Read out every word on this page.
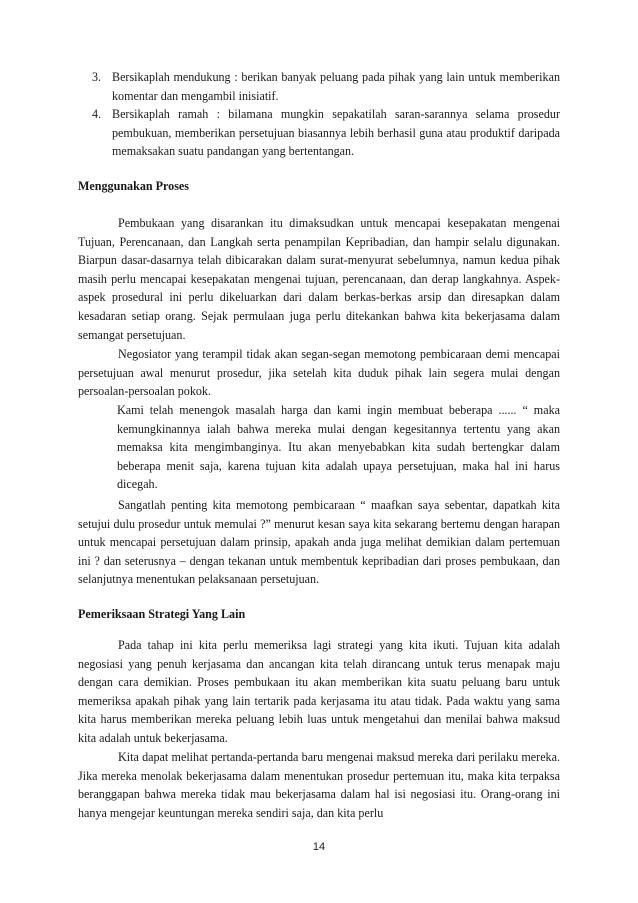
3. Bersikaplah mendukung : berikan banyak peluang pada pihak yang lain untuk memberikan komentar dan mengambil inisiatif.
4. Bersikaplah ramah : bilamana mungkin sepakatilah saran-sarannya selama prosedur pembukuan, memberikan persetujuan biasannya lebih berhasil guna atau produktif daripada memaksakan suatu pandangan yang bertentangan.
Menggunakan Proses

Pembukaan yang disarankan itu dimaksudkan untuk mencapai kesepakatan mengenai Tujuan, Perencanaan, dan Langkah serta penampilan Kepribadian, dan hampir selalu digunakan. Biarpun dasar-dasarnya telah dibicarakan dalam surat-menyurat sebelumnya, namun kedua pihak masih perlu mencapai kesepakatan mengenai tujuan, perencanaan, dan derap langkahnya. Aspek-aspek prosedural ini perlu dikeluarkan dari dalam berkas-berkas arsip dan diresapkan dalam kesadaran setiap orang. Sejak permulaan juga perlu ditekankan bahwa kita bekerjasama dalam semangat persetujuan.

Negosiator yang terampil tidak akan segan-segan memotong pembicaraan demi mencapai persetujuan awal menurut prosedur, jika setelah kita duduk pihak lain segera mulai dengan persoalan-persoalan pokok.

Kami telah menengok masalah harga dan kami ingin membuat beberapa ...... “ maka kemungkinannya ialah bahwa mereka mulai dengan kegesitannya tertentu yang akan memaksa kita mengimbanginya. Itu akan menyebabkan kita sudah bertengkar dalam beberapa menit saja, karena tujuan kita adalah upaya persetujuan, maka hal ini harus dicegah.

Sangatlah penting kita memotong pembicaraan “ maafkan saya sebentar, dapatkah kita setujui dulu prosedur untuk memulai ?” menurut kesan saya kita sekarang bertemu dengan harapan untuk mencapai persetujuan dalam prinsip, apakah anda juga melihat demikian dalam pertemuan ini ? dan seterusnya – dengan tekanan untuk membentuk kepribadian dari proses pembukaan, dan selanjutnya menentukan pelaksanaan persetujuan.

Pemeriksaan Strategi Yang Lain

Pada tahap ini kita perlu memeriksa lagi strategi yang kita ikuti. Tujuan kita adalah negosiasi yang penuh kerjasama dan ancangan kita telah dirancang untuk terus menapak maju dengan cara demikian. Proses pembukaan itu akan memberikan kita suatu peluang baru untuk memeriksa apakah pihak yang lain tertarik pada kerjasama itu atau tidak. Pada waktu yang sama kita harus memberikan mereka peluang lebih luas untuk mengetahui dan menilai bahwa maksud kita adalah untuk bekerjasama.

Kita dapat melihat pertanda-pertanda baru mengenai maksud mereka dari perilaku mereka. Jika mereka menolak bekerjasama dalam menentukan prosedur pertemuan itu, maka kita terpaksa beranggapan bahwa mereka tidak mau bekerjasama dalam hal isi negosiasi itu. Orang-orang ini hanya mengejar keuntungan mereka sendiri saja, dan kita perlu

14
